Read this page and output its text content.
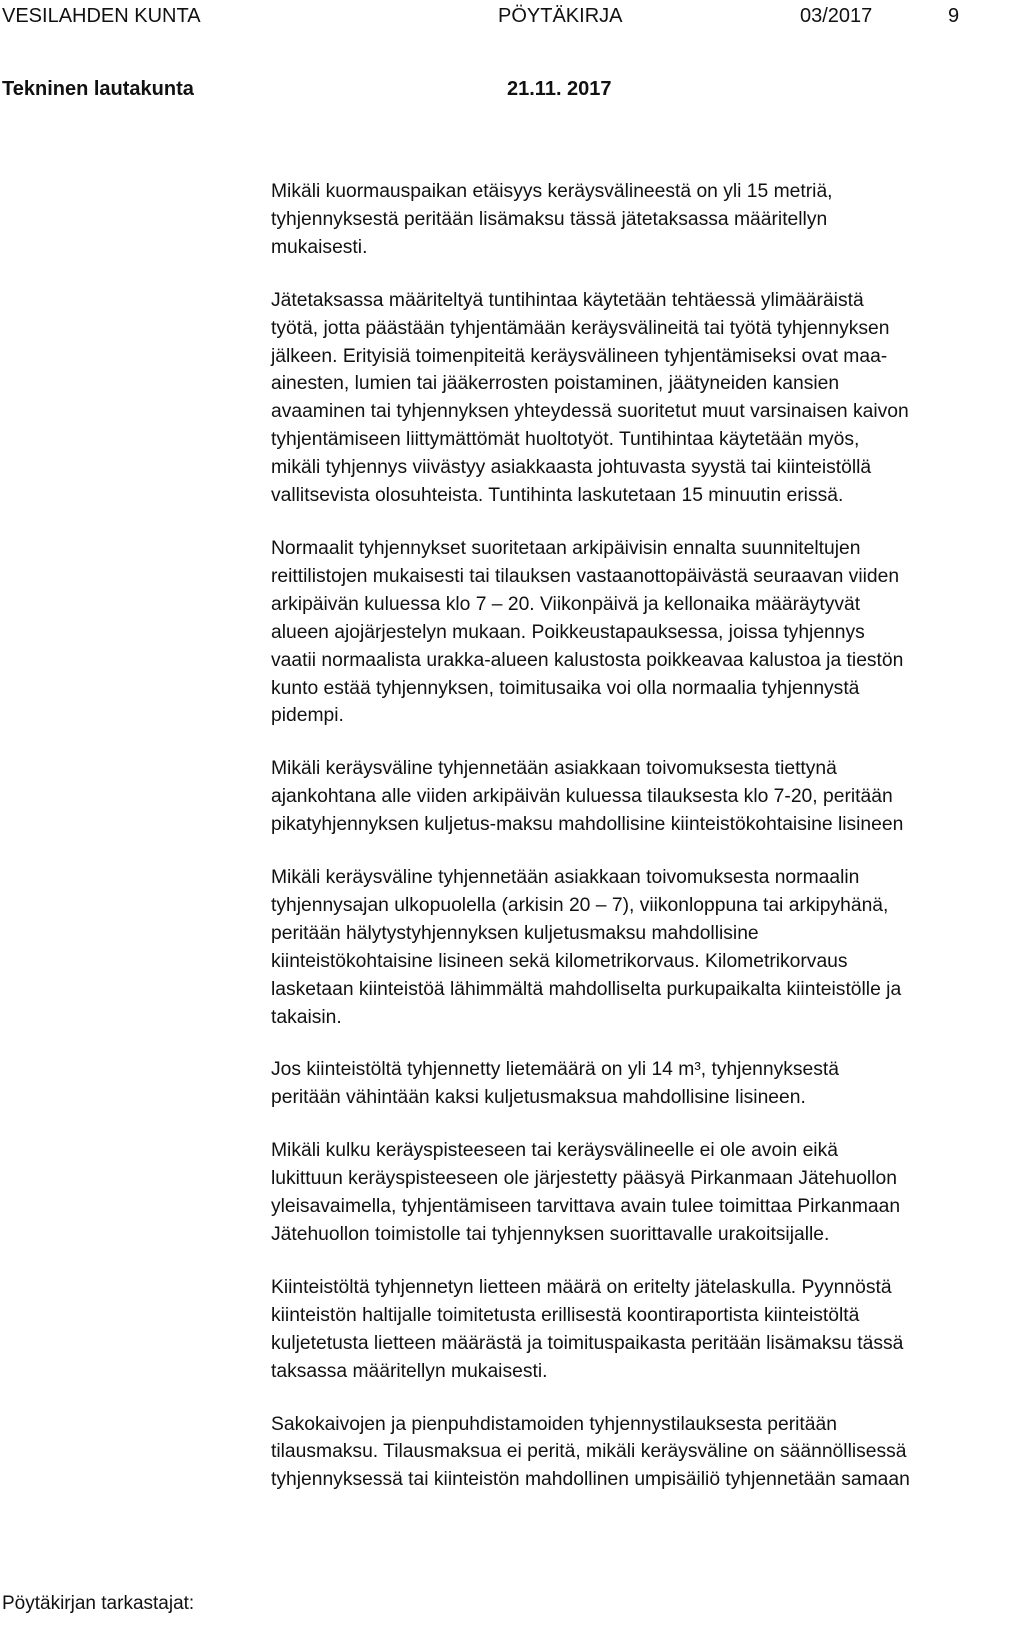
VESILAHDEN KUNTA	PÖYTÄKIRJA	03/2017	9
Tekninen lautakunta	21.11. 2017

Mikäli kuormauspaikan etäisyys keräysvälineestä on yli 15 metriä,
tyhjennyksestä peritään lisämaksu tässä jätetaksassa määritellyn
mukaisesti.

Jätetaksassa määriteltyä tuntihintaa käytetään tehtäessä ylimääräistä
työtä, jotta päästään tyhjentämään keräysvälineitä tai työtä tyhjennyksen
jälkeen. Erityisiä toimenpiteitä keräysvälineen tyhjentämiseksi ovat maa-
ainesten, lumien tai jääkerrosten poistaminen, jäätyneiden kansien
avaaminen tai tyhjennyksen yhteydessä suoritetut muut varsinaisen kaivon
tyhjentämiseen liittymättömät huoltotyöt. Tuntihintaa käytetään myös,
mikäli tyhjennys viivästyy asiakkaasta johtuvasta syystä tai kiinteistöllä
vallitsevista olosuhteista. Tuntihinta laskutetaan 15 minuutin erissä.

Normaalit tyhjennykset suoritetaan arkipäivisin ennalta suunniteltujen
reittilistojen mukaisesti tai tilauksen vastaanottopäivästä seuraavan viiden
arkipäivän kuluessa klo 7 – 20. Viikonpäivä ja kellonaika määräytyvät
alueen ajojärjestelyn mukaan. Poikkeustapauksessa, joissa tyhjennys
vaatii normaalista urakka-alueen kalustosta poikkeavaa kalustoa ja tiestön
kunto estää tyhjennyksen, toimitusaika voi olla normaalia tyhjennystä
pidempi.

Mikäli keräysväline tyhjennetään asiakkaan toivomuksesta tiettynä
ajankohtana alle viiden arkipäivän kuluessa tilauksesta klo 7-20, peritään
pikatyhjennyksen kuljetus-maksu mahdollisine kiinteistökohtaisine lisineen

Mikäli keräysväline tyhjennetään asiakkaan toivomuksesta normaalin
tyhjennysajan ulkopuolella (arkisin 20 – 7), viikonloppuna tai arkipyhänä,
peritään hälytystyhjennyksen kuljetusmaksu mahdollisine
kiinteistökohtaisine lisineen sekä kilometrikorvaus. Kilometrikorvaus
lasketaan kiinteistöä lähimmältä mahdolliselta purkupaikalta kiinteistölle ja
takaisin.

Jos kiinteistöltä tyhjennetty lietemäärä on yli 14 m³, tyhjennyksestä
peritään vähintään kaksi kuljetusmaksua mahdollisine lisineen.

Mikäli kulku keräyspisteeseen tai keräysvälineelle ei ole avoin eikä
lukittuun keräyspisteeseen ole järjestetty pääsyä Pirkanmaan Jätehuollon
yleisavaimella, tyhjentämiseen tarvittava avain tulee toimittaa Pirkanmaan
Jätehuollon toimistolle tai tyhjennyksen suorittavalle urakoitsijalle.

Kiinteistöltä tyhjennetyn lietteen määrä on eritelty jätelaskulla. Pyynnöstä
kiinteistön haltijalle toimitetusta erillisestä koontiraportista kiinteistöltä
kuljetetusta lietteen määrästä ja toimituspaikasta peritään lisämaksu tässä
taksassa määritellyn mukaisesti.

Sakokaivojen ja pienpuhdistamoiden tyhjennystilauksesta peritään
tilausmaksu. Tilausmaksua ei peritä, mikäli keräysväline on säännöllisessä
tyhjennyksessä tai kiinteistön mahdollinen umpisäiliö tyhjennetään samaan

Pöytäkirjan tarkastajat:
